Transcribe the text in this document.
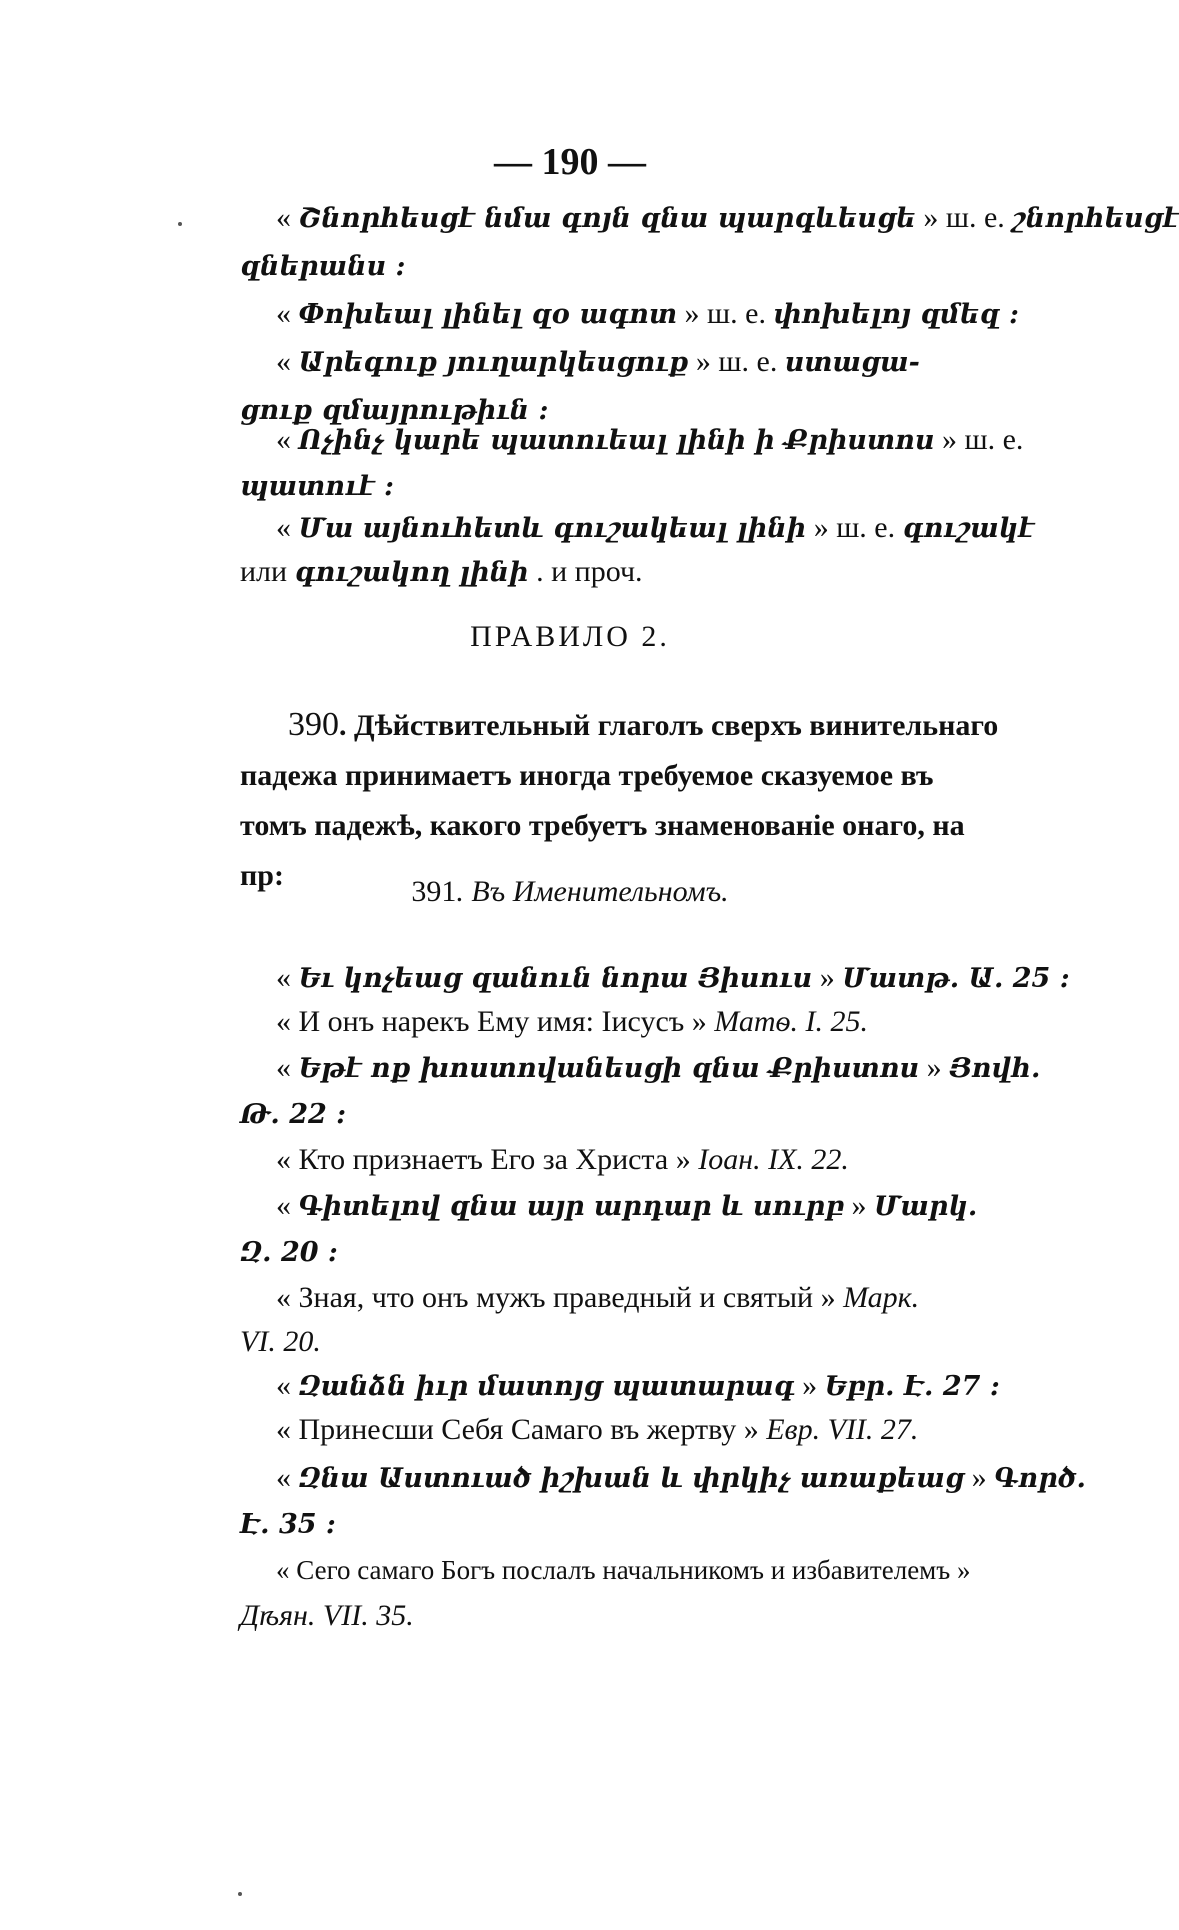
— 190 —
« Շնորհեսցէ նմա գոյն զնա պարգևեսցե » ш. е. շնորհեսցէ
զներանս :
« Փոխեալ լինել զօ ագոտ » ш. е. փոխելոյ զմեզ :
« Արեգուք յուղարկեսցուք » ш. е. ստացա-
ցուք զմայրութիւն :
« Ոչինչ կարե պատուեալ լինի ի Քրիստոս » ш. е.
պատուէ :
« Մա այնուհետև գուշակեալ լինի » ш. е. գուշակէ
или գուշակող լինի . и проч.
ПРАВИЛО 2.
390. Дѣйствительный глаголъ сверхъ винительнаго падежа принимаетъ иногда требуемое сказуемое въ томъ падежѣ, какого требуетъ знаменованіе онаго, на пр:	391. Въ Именительномъ.
« Եւ կոչեաց զանուն նորա Յիսուս » Մատթ. Ա. 25 :
« И онъ нарекъ Ему имя: Іисусъ » Матѳ. I. 25.
« Եթէ ոք խոստովանեսցի զնա Քրիստոս » Յովհ.
Թ. 22 :
« Кто признаетъ Его за Христа » Іоан. IX. 22.
« Գիտելով զնա այր արդար և սուրբ » Մարկ.
Զ. 20 :
« Зная, что онъ мужъ праведный и святый » Марк.
VI. 20.
« Զանձն իւր մատոյց պատարագ » Եբր. Է. 27 :
« Принесши Себя Самаго въ жертву » Евр. VII. 27.
« Զնա Աստուած իշխան և փրկիչ առաքեաց » Գործ.
Է. 35 :
« Сего самаго Богъ послалъ начальникомъ и избавителемъ »
Дѣян. VII. 35.
